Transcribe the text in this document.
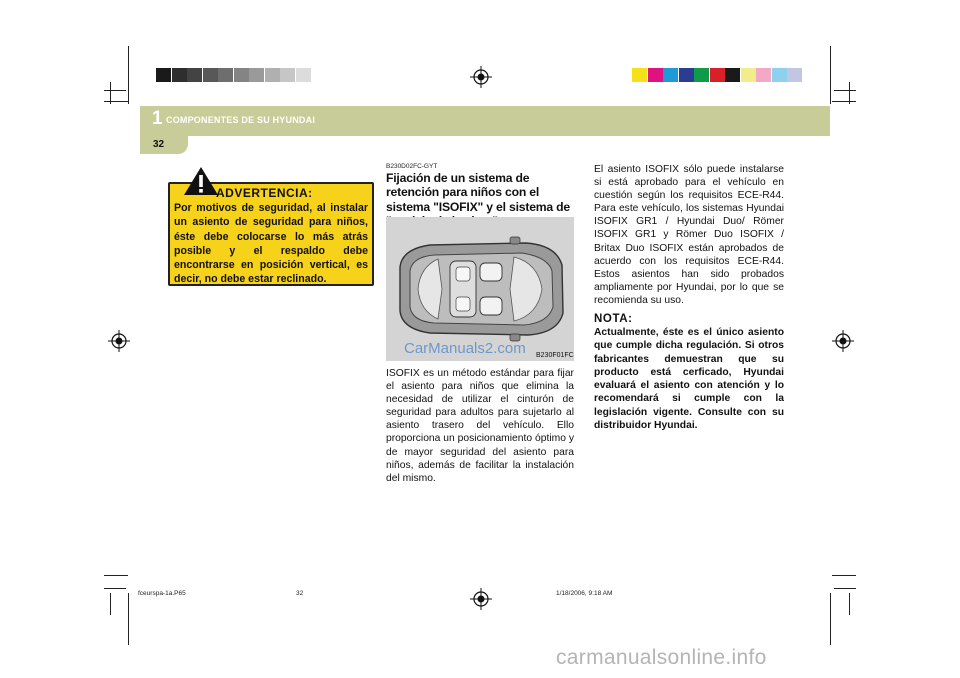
1 COMPONENTES DE SU HYUNDAI
32
ADVERTENCIA:
Por motivos de seguridad, al instalar un asiento de seguridad para niños, éste debe colocarse lo más atrás posible y el respaldo debe encontrarse en posición vertical, es decir, no debe estar reclinado.
B230D02FC-GYT
Fijación de un sistema de retención para niños con el sistema "ISOFIX" y el sistema de
CarManuals2.com B230F01FC
ISOFIX es un método estándar para fijar el asiento para niños que elimina la necesidad de utilizar el cinturón de seguridad para adultos para sujetarlo al asiento trasero del vehículo. Ello proporciona un posicionamiento óptimo y de mayor seguridad del asiento para niños, además de facilitar la instalación del mismo.
El asiento ISOFIX sólo puede instalarse si está aprobado para el vehículo en cuestión según los requisitos ECE-R44. Para este vehículo, los sistemas Hyundai ISOFIX GR1 / Hyundai Duo/ Römer ISOFIX GR1 y Römer Duo ISOFIX / Britax Duo ISOFIX están aprobados de acuerdo con los requisitos ECE-R44. Estos asientos han sido probados ampliamente por Hyundai, por lo que se recomienda su uso.
NOTA:
Actualmente, éste es el único asiento que cumple dicha regulación. Si otros fabricantes demuestran que su producto está cerficado, Hyundai evaluará el asiento con atención y lo recomendará si cumple con la legislación vigente. Consulte con su distribuidor Hyundai.
fceurspa-1a.P65	32	1/18/2006, 9:18 AM
carmanualsonline.info
